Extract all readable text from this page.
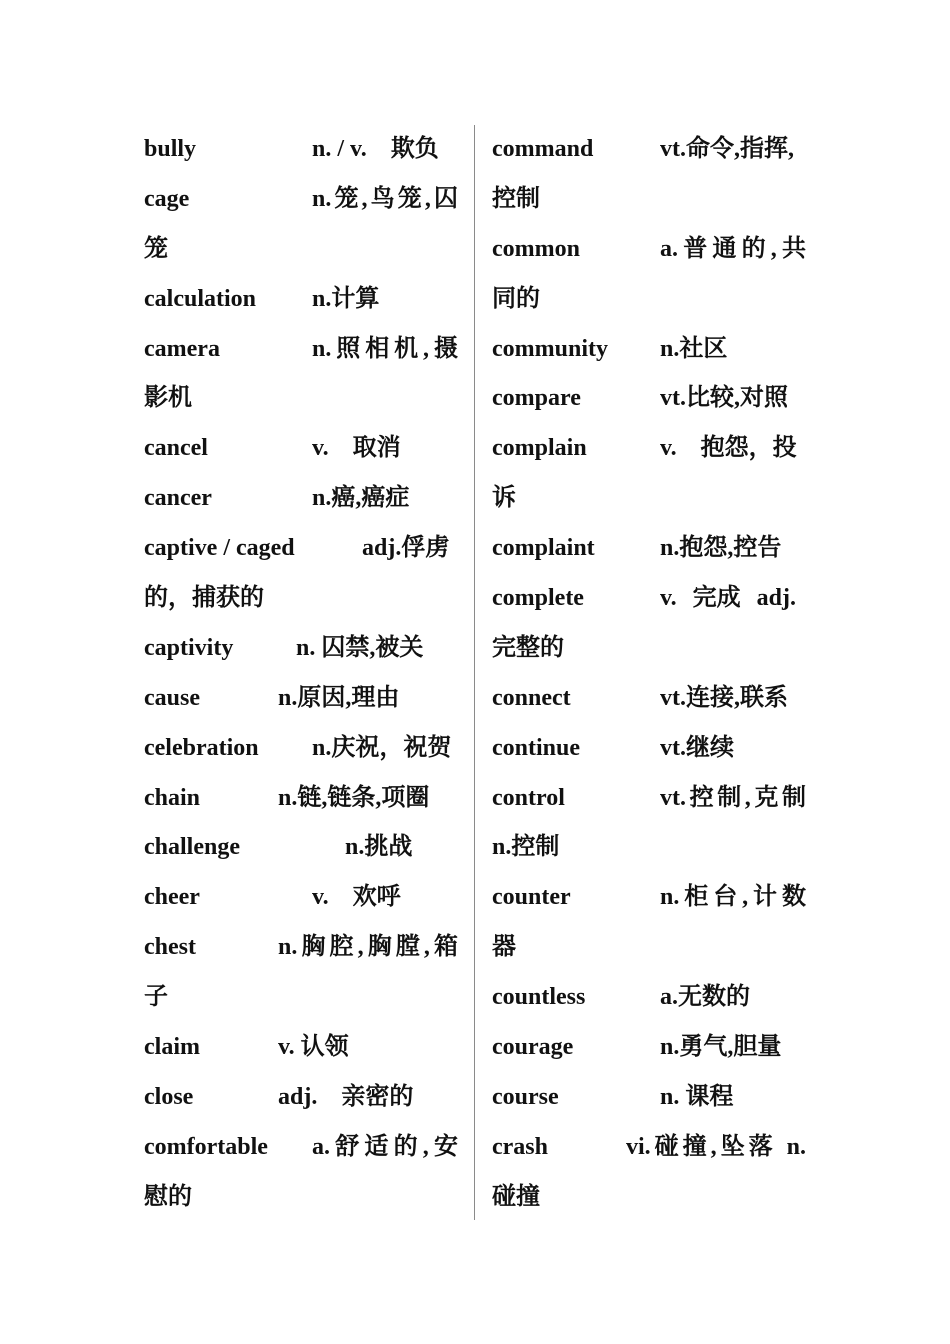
bully	n. / v.　欺负
cage	n.笼,鸟笼,囚
笼
calculation n.计算
camera	n.照相机,摄
影机
cancel	v.　取消
cancer	n.癌,癌症
captive / caged	adj.俘虏
的，捕获的
captivity	n. 囚禁,被关
cause	n.原因,理由
celebration n.庆祝，祝贺
chain	n.链,链条,项圈
challenge	n.挑战
cheer	v.　欢呼
chest	n.胸腔,胸膛,箱
子
claim	v. 认领
close	adj.　亲密的
comfortable a.舒适的,安
慰的
command	vt.命令,指挥,
控制
common	a.普通的,共
同的
community n.社区
compare	vt.比较,对照
complain	v.　抱怨，投
诉
complaint	n.抱怨,控告
complete	v. 完成 adj.
完整的
connect	vt.连接,联系
continue	vt.继续
control	vt.控制,克制
n.控制
counter	n.柜台,计数
器
countless	a.无数的
courage	n.勇气,胆量
course	n. 课程
crash	vi.碰撞,坠落 n.
碰撞
